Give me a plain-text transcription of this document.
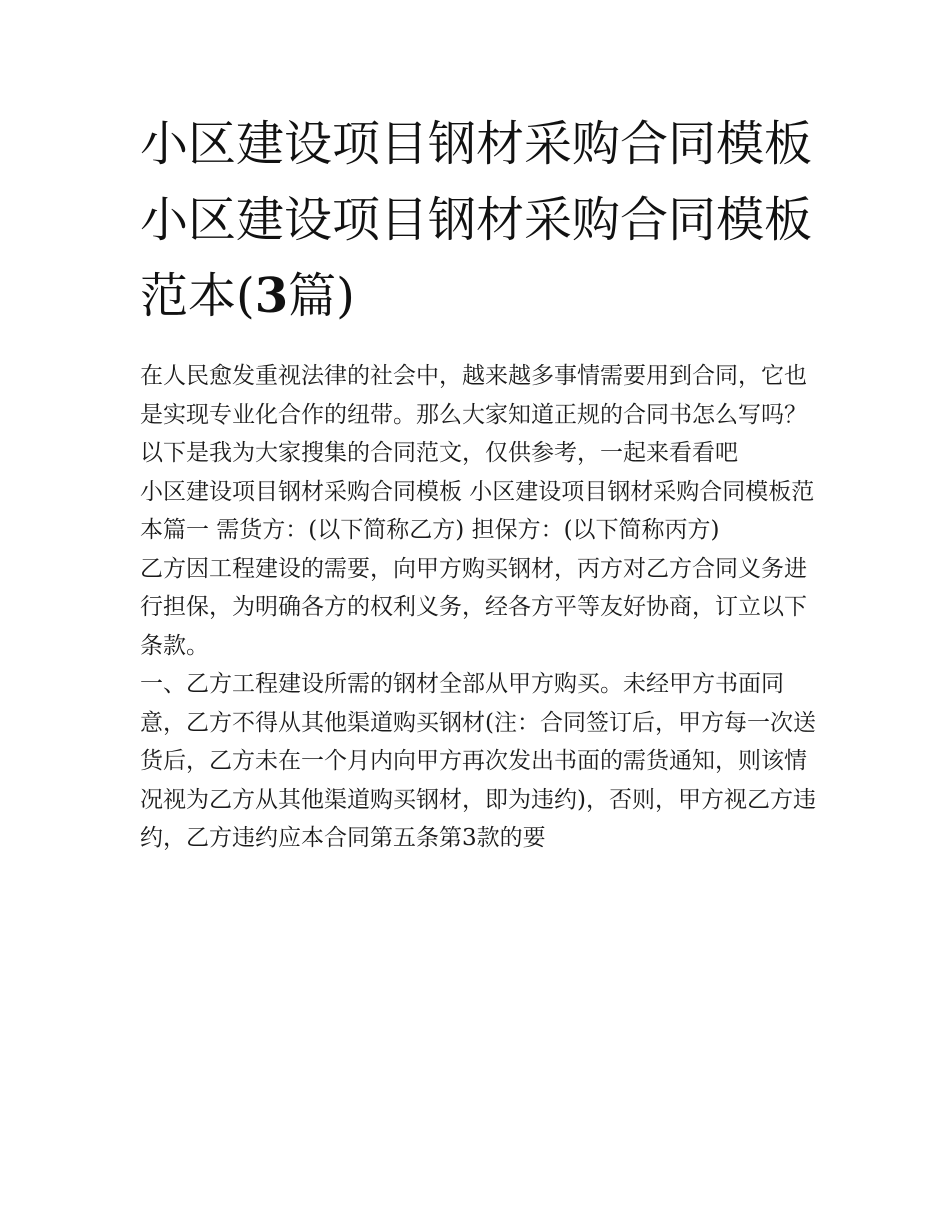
小区建设项目钢材采购合同模板 小区建设项目钢材采购合同模板范本(3篇)

在人民愈发重视法律的社会中，越来越多事情需要用到合同，它也是实现专业化合作的纽带。那么大家知道正规的合同书怎么写吗？以下是我为大家搜集的合同范文，仅供参考，一起来看看吧

小区建设项目钢材采购合同模板 小区建设项目钢材采购合同模板范本篇一 需货方：(以下简称乙方) 担保方：(以下简称丙方)

乙方因工程建设的需要，向甲方购买钢材，丙方对乙方合同义务进行担保，为明确各方的权利义务，经各方平等友好协商，订立以下条款。

一、乙方工程建设所需的钢材全部从甲方购买。未经甲方书面同意，乙方不得从其他渠道购买钢材(注：合同签订后，甲方每一次送货后，乙方未在一个月内向甲方再次发出书面的需货通知，则该情况视为乙方从其他渠道购买钢材，即为违约)，否则，甲方视乙方违约，乙方违约应本合同第五条第3款的要
